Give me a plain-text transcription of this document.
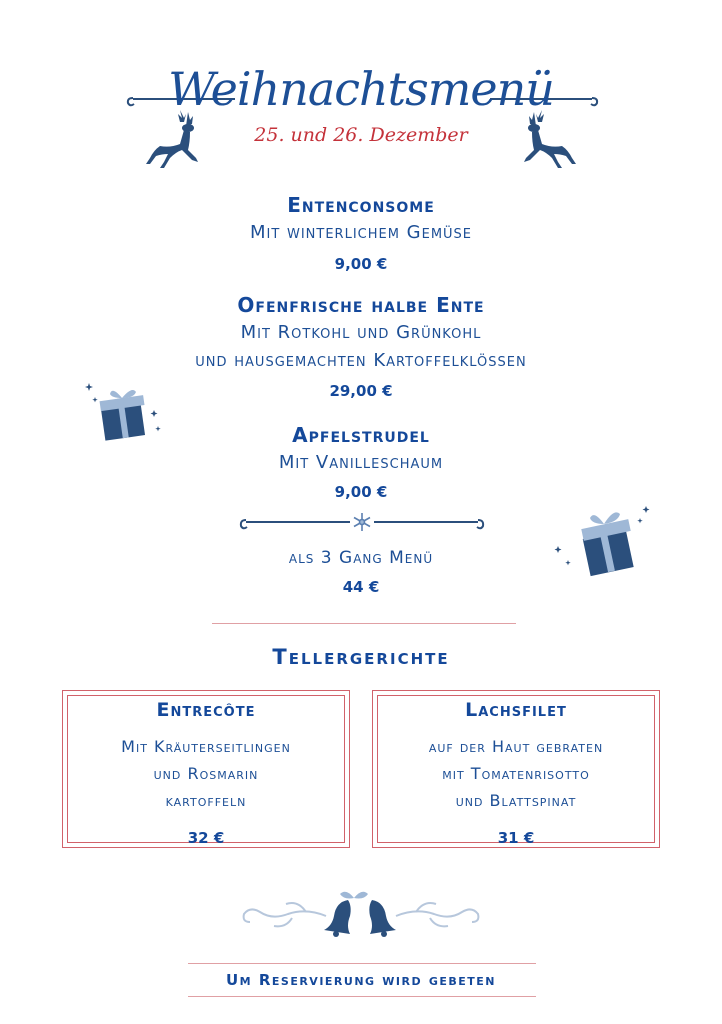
Weihnachtsmenü
25. und 26. Dezember
Entenconsome
Mit winterlichem Gemüse
9,00 €
Ofenfrische halbe Ente
Mit Rotkohl und Grünkohl
und hausgemachten Kartoffelklössen
29,00 €
Apfelstrudel
Mit Vanilleschaum
9,00 €
als 3 Gang Menü
44 €
Tellergerichte
Entrecôte
Mit Kräuterseitlingen
und Rosmarin
kartoffeln
32 €
Lachsfilet
auf der Haut gebraten
mit Tomatenrisotto
und Blattspinat
31 €
Um Reservierung wird gebeten
